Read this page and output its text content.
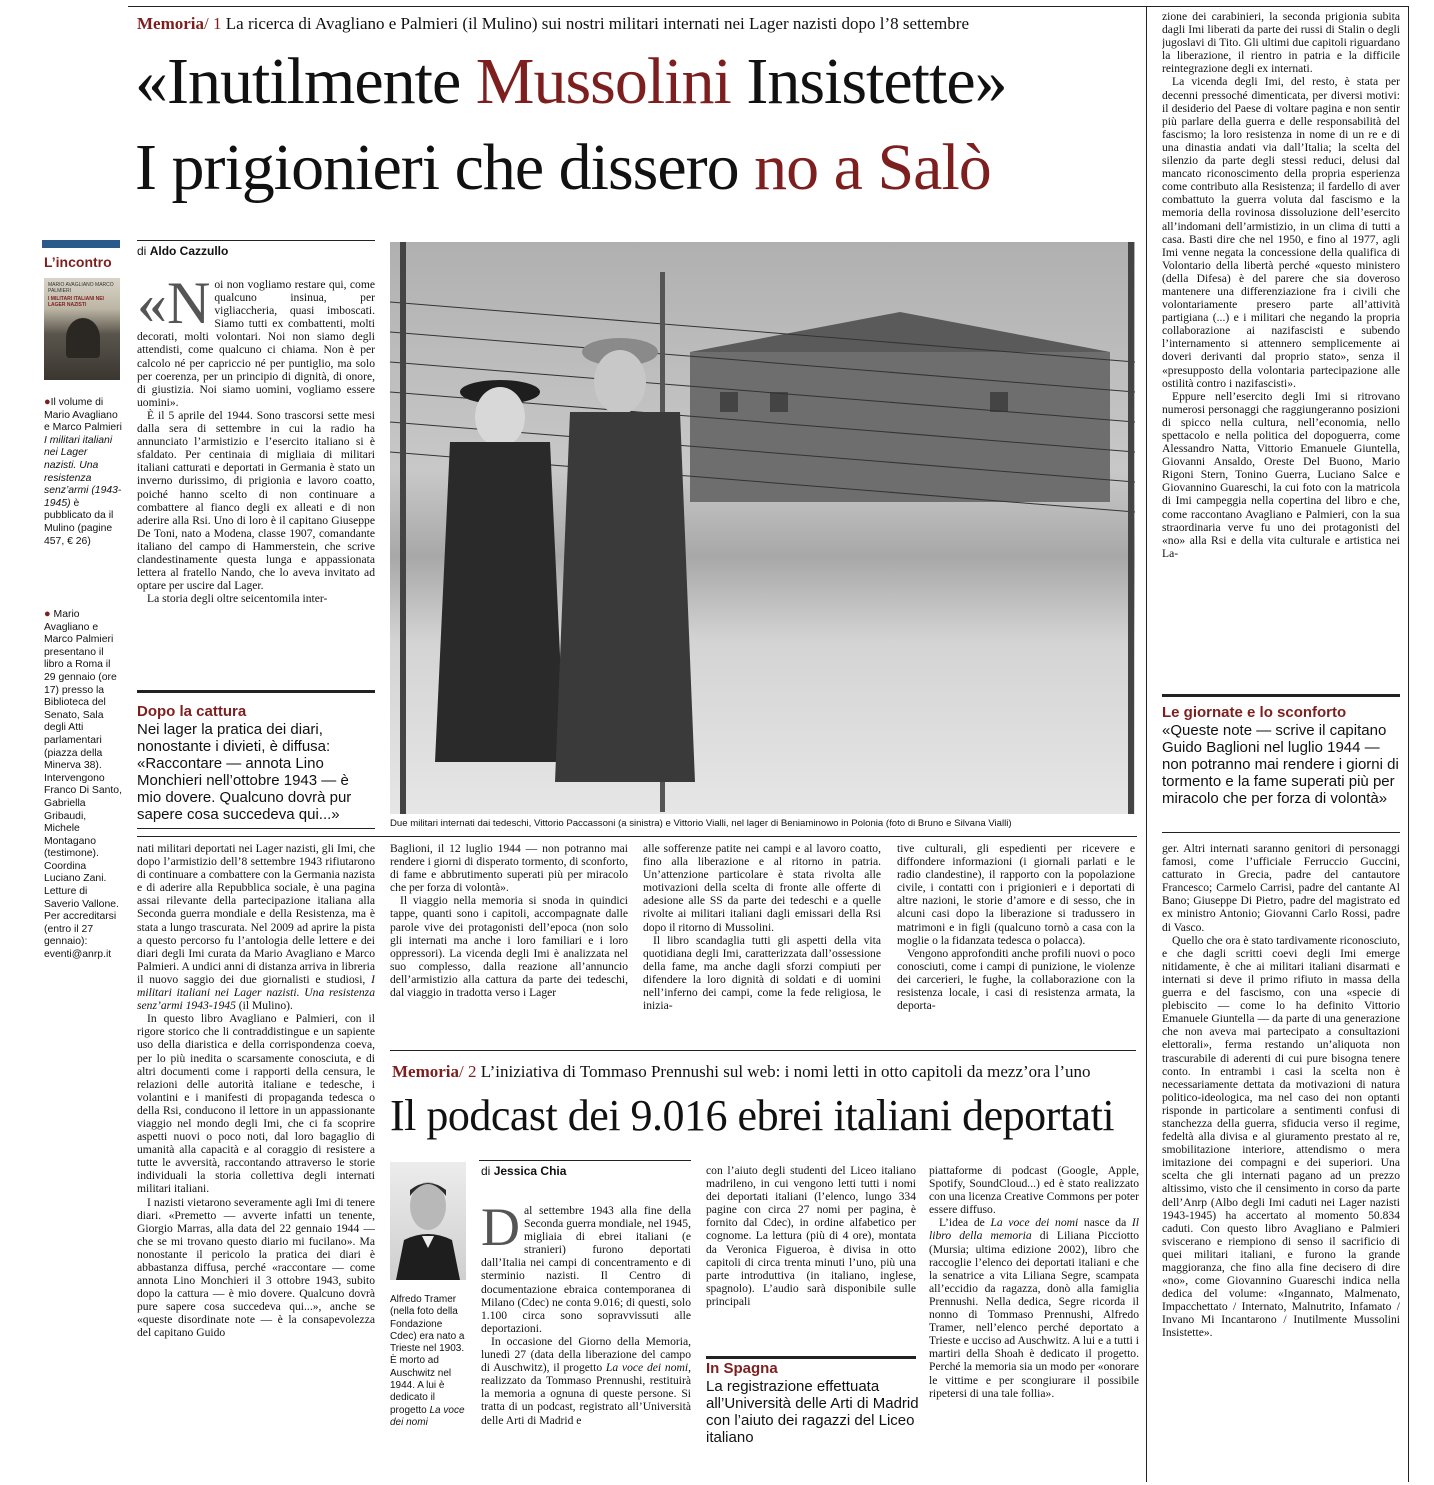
Memoria/ 1 La ricerca di Avagliano e Palmieri (il Mulino) sui nostri militari internati nei Lager nazisti dopo l’8 settembre
«Inutilmente Mussolini Insistette»
I prigionieri che dissero no a Salò
L’incontro
MARIO AVAGLIANO MARCO PALMIERI
I MILITARI ITALIANI NEI LAGER NAZISTI
●Il volume di Mario Avagliano e Marco Palmieri I militari italiani nei Lager nazisti. Una resistenza senz’armi (1943-1945) è pubblicato da il Mulino (pagine 457, € 26)
● Mario Avagliano e Marco Palmieri presentano il libro a Roma il 29 gennaio (ore 17) presso la Biblioteca del Senato, Sala degli Atti parlamentari (piazza della Minerva 38). Intervengono Franco Di Santo, Gabriella Gribaudi, Michele Montagano (testimone). Coordina Luciano Zani. Letture di Saverio Vallone. Per accreditarsi (entro il 27 gennaio): eventi@anrp.it
di Aldo Cazzullo
«N oi non vogliamo restare qui, come qualcuno insinua, per vigliaccheria, quasi imboscati. Siamo tutti ex combattenti, molti decorati, molti volontari. Noi non siamo degli attendisti, come qualcuno ci chiama. Non è per calcolo né per capriccio né per puntiglio, ma solo per coerenza, per un principio di dignità, di onore, di giustizia. Noi siamo uomini, vogliamo essere uomini».

È il 5 aprile del 1944. Sono trascorsi sette mesi dalla sera di settembre in cui la radio ha annunciato l’armistizio e l’esercito italiano si è sfaldato. Per centinaia di migliaia di militari italiani catturati e deportati in Germania è stato un inverno durissimo, di prigionia e lavoro coatto, poiché hanno scelto di non continuare a combattere al fianco degli ex alleati e di non aderire alla Rsi. Uno di loro è il capitano Giuseppe De Toni, nato a Modena, classe 1907, comandante italiano del campo di Hammerstein, che scrive clandestinamente questa lunga e appassionata lettera al fratello Nando, che lo aveva invitato ad optare per uscire dal Lager.

La storia degli oltre seicentomila inter-

Dopo la cattura
Nei lager la pratica dei diari, nonostante i divieti, è diffusa: «Raccontare — annota Lino Monchieri nell’ottobre 1943 — è mio dovere. Qualcuno dovrà pur sapere cosa succedeva qui...»
Due militari internati dai tedeschi, Vittorio Paccassoni (a sinistra) e Vittorio Vialli, nel lager di Beniaminowo in Polonia (foto di Bruno e Silvana Vialli)

nati militari deportati nei Lager nazisti, gli Imi, che dopo l’armistizio dell’8 settembre 1943 rifiutarono di continuare a combattere con la Germania nazista e di aderire alla Repubblica sociale, è una pagina assai rilevante della partecipazione italiana alla Seconda guerra mondiale e della Resistenza, ma è stata a lungo trascurata. Nel 2009 ad aprire la pista a questo percorso fu l’antologia delle lettere e dei diari degli Imi curata da Mario Avagliano e Marco Palmieri. A undici anni di distanza arriva in libreria il nuovo saggio dei due giornalisti e studiosi, I militari italiani nei Lager nazisti. Una resistenza senz’armi 1943-1945 (il Mulino).

In questo libro Avagliano e Palmieri, con il rigore storico che li contraddistingue e un sapiente uso della diaristica e della corrispondenza coeva, per lo più inedita o scarsamente conosciuta, e di altri documenti come i rapporti della censura, le relazioni delle autorità italiane e tedesche, i volantini e i manifesti di propaganda tedesca o della Rsi, conducono il lettore in un appassionante viaggio nel mondo degli Imi, che ci fa scoprire aspetti nuovi o poco noti, dal loro bagaglio di umanità alla capacità e al coraggio di resistere a tutte le avversità, raccontando attraverso le storie individuali la storia collettiva degli internati militari italiani.

I nazisti vietarono severamente agli Imi di tenere diari. «Premetto — avverte infatti un tenente, Giorgio Marras, alla data del 22 gennaio 1944 — che se mi trovano questo diario mi fucilano». Ma nonostante il pericolo la pratica dei diari è abbastanza diffusa, perché «raccontare — come annota Lino Monchieri il 3 ottobre 1943, subito dopo la cattura — è mio dovere. Qualcuno dovrà pure sapere cosa succedeva qui...», anche se «queste disordinate note — è la consapevolezza del capitano Guido

Baglioni, il 12 luglio 1944 — non potranno mai rendere i giorni di disperato tormento, di sconforto, di fame e abbrutimento superati più per miracolo che per forza di volontà».

Il viaggio nella memoria si snoda in quindici tappe, quanti sono i capitoli, accompagnate dalle parole vive dei protagonisti dell’epoca (non solo gli internati ma anche i loro familiari e i loro oppressori). La vicenda degli Imi è analizzata nel suo complesso, dalla reazione all’annuncio dell’armistizio alla cattura da parte dei tedeschi, dal viaggio in tradotta verso i Lager

alle sofferenze patite nei campi e al lavoro coatto, fino alla liberazione e al ritorno in patria. Un’attenzione particolare è stata rivolta alle motivazioni della scelta di fronte alle offerte di adesione alle SS da parte dei tedeschi e a quelle rivolte ai militari italiani dagli emissari della Rsi dopo il ritorno di Mussolini.

Il libro scandaglia tutti gli aspetti della vita quotidiana degli Imi, caratterizzata dall’ossessione della fame, ma anche dagli sforzi compiuti per difendere la loro dignità di soldati e di uomini nell’inferno dei campi, come la fede religiosa, le inizia-

tive culturali, gli espedienti per ricevere e diffondere informazioni (i giornali parlati e le radio clandestine), il rapporto con la popolazione civile, i contatti con i prigionieri e i deportati di altre nazioni, le storie d’amore e di sesso, che in alcuni casi dopo la liberazione si tradussero in matrimoni e in figli (qualcuno tornò a casa con la moglie o la fidanzata tedesca o polacca).

Vengono approfonditi anche profili nuovi o poco conosciuti, come i campi di punizione, le violenze dei carcerieri, le fughe, la collaborazione con la resistenza locale, i casi di resistenza armata, la deporta-

zione dei carabinieri, la seconda prigionia subita dagli Imi liberati da parte dei russi di Stalin o degli jugoslavi di Tito. Gli ultimi due capitoli riguardano la liberazione, il rientro in patria e la difficile reintegrazione degli ex internati.

La vicenda degli Imi, del resto, è stata per decenni pressoché dimenticata, per diversi motivi: il desiderio del Paese di voltare pagina e non sentir più parlare della guerra e delle responsabilità del fascismo; la loro resistenza in nome di un re e di una dinastia andati via dall’Italia; la scelta del silenzio da parte degli stessi reduci, delusi dal mancato riconoscimento della propria esperienza come contributo alla Resistenza; il fardello di aver combattuto la guerra voluta dal fascismo e la memoria della rovinosa dissoluzione dell’esercito all’indomani dell’armistizio, in un clima di tutti a casa. Basti dire che nel 1950, e fino al 1977, agli Imi venne negata la concessione della qualifica di Volontario della libertà perché «questo ministero (della Difesa) è del parere che sia doveroso mantenere una differenziazione fra i civili che volontariamente presero parte all’attività partigiana (...) e i militari che negando la propria collaborazione ai nazifascisti e subendo l’internamento si attennero semplicemente ai doveri derivanti dal proprio stato», senza il «presupposto della volontaria partecipazione alle ostilità contro i nazifascisti».

Eppure nell’esercito degli Imi si ritrovano numerosi personaggi che raggiungeranno posizioni di spicco nella cultura, nell’economia, nello spettacolo e nella politica del dopoguerra, come Alessandro Natta, Vittorio Emanuele Giuntella, Giovanni Ansaldo, Oreste Del Buono, Mario Rigoni Stern, Tonino Guerra, Luciano Salce e Giovannino Guareschi, la cui foto con la matricola di Imi campeggia nella copertina del libro e che, come raccontano Avagliano e Palmieri, con la sua straordinaria verve fu uno dei protagonisti del «no» alla Rsi e della vita culturale e artistica nei La-

Le giornate e lo sconforto
«Queste note — scrive il capitano Guido Baglioni nel luglio 1944 — non potranno mai rendere i giorni di tormento e la fame superati più per miracolo che per forza di volontà»

ger. Altri internati saranno genitori di personaggi famosi, come l’ufficiale Ferruccio Guccini, catturato in Grecia, padre del cantautore Francesco; Carmelo Carrisi, padre del cantante Al Bano; Giuseppe Di Pietro, padre del magistrato ed ex ministro Antonio; Giovanni Carlo Rossi, padre di Vasco.

Quello che ora è stato tardivamente riconosciuto, e che dagli scritti coevi degli Imi emerge nitidamente, è che ai militari italiani disarmati e internati si deve il primo rifiuto in massa della guerra e del fascismo, con una «specie di plebiscito — come lo ha definito Vittorio Emanuele Giuntella — da parte di una generazione che non aveva mai partecipato a consultazioni elettorali», ferma restando un’aliquota non trascurabile di aderenti di cui pure bisogna tenere conto. In entrambi i casi la scelta non è necessariamente dettata da motivazioni di natura politico-ideologica, ma nel caso dei non optanti risponde in particolare a sentimenti confusi di stanchezza della guerra, sfiducia verso il regime, fedeltà alla divisa e al giuramento prestato al re, smobilitazione interiore, attendismo o mera imitazione dei compagni e dei superiori. Una scelta che gli internati pagano ad un prezzo altissimo, visto che il censimento in corso da parte dell’Anrp (Albo degli Imi caduti nei Lager nazisti 1943-1945) ha accertato al momento 50.834 caduti. Con questo libro Avagliano e Palmieri sviscerano e riempiono di senso il sacrificio di quei militari italiani, e furono la grande maggioranza, che fino alla fine decisero di dire «no», come Giovannino Guareschi indica nella dedica del volume: «Ingannato, Malmenato, Impacchettato / Internato, Malnutrito, Infamato / Invano Mi Incantarono / Inutilmente Mussolini Insistette».

Memoria/ 2 L’iniziativa di Tommaso Prennushi sul web: i nomi letti in otto capitoli da mezz’ora l’uno
Il podcast dei 9.016 ebrei italiani deportati
Alfredo Tramer (nella foto della Fondazione Cdec) era nato a Trieste nel 1903. È morto ad Auschwitz nel 1944. A lui è dedicato il progetto La voce dei nomi
di Jessica Chia
D al settembre 1943 alla fine della Seconda guerra mondiale, nel 1945, migliaia di ebrei italiani (e stranieri) furono deportati dall’Italia nei campi di concentramento e di sterminio nazisti. Il Centro di documentazione ebraica contemporanea di Milano (Cdec) ne conta 9.016; di questi, solo 1.100 circa sono sopravvissuti alle deportazioni.

In occasione del Giorno della Memoria, lunedì 27 (data della liberazione del campo di Auschwitz), il progetto La voce dei nomi, realizzato da Tommaso Prennushi, restituirà la memoria a ognuna di queste persone. Si tratta di un podcast, registrato all’Università delle Arti di Madrid e

con l’aiuto degli studenti del Liceo italiano madrileno, in cui vengono letti tutti i nomi dei deportati italiani (l’elenco, lungo 334 pagine con circa 27 nomi per pagina, è fornito dal Cdec), in ordine alfabetico per cognome. La lettura (più di 4 ore), montata da Veronica Figueroa, è divisa in otto capitoli di circa trenta minuti l’uno, più una parte introduttiva (in italiano, inglese, spagnolo). L’audio sarà disponibile sulle principali

In Spagna
La registrazione effettuata all’Università delle Arti di Madrid con l’aiuto dei ragazzi del Liceo italiano

piattaforme di podcast (Google, Apple, Spotify, SoundCloud...) ed è stato realizzato con una licenza Creative Commons per poter essere diffuso.

L’idea de La voce dei nomi nasce da Il libro della memoria di Liliana Picciotto (Mursia; ultima edizione 2002), libro che raccoglie l’elenco dei deportati italiani e che la senatrice a vita Liliana Segre, scampata all’eccidio da ragazza, donò alla famiglia Prennushi. Nella dedica, Segre ricorda il nonno di Tommaso Prennushi, Alfredo Tramer, nell’elenco perché deportato a Trieste e ucciso ad Auschwitz. A lui e a tutti i martiri della Shoah è dedicato il progetto. Perché la memoria sia un modo per «onorare le vittime e per scongiurare il possibile ripetersi di una tale follia».
